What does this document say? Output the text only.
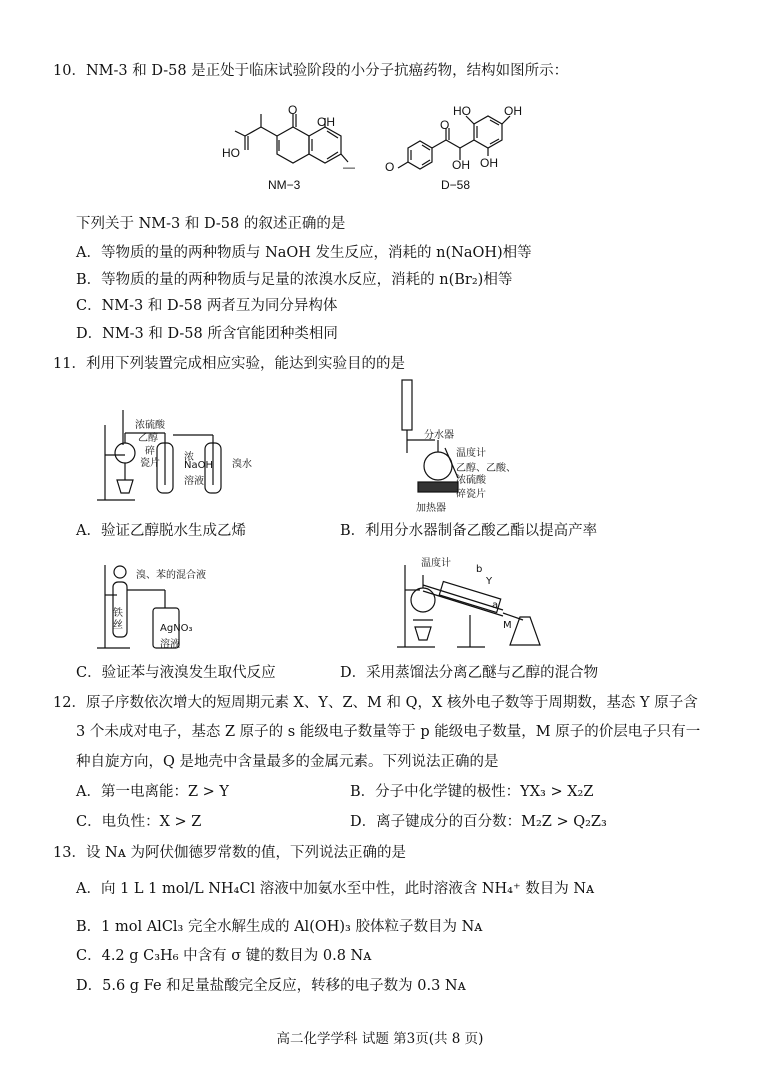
10．NM-3 和 D-58 是正处于临床试验阶段的小分子抗癌药物，结构如图所示：
O
OH
HO
—
NM−3
O
O
HO	OH
OH OH
D−58
下列关于 NM-3 和 D-58 的叙述正确的是
A．等物质的量的两种物质与 NaOH 发生反应，消耗的 n(NaOH)相等
B．等物质的量的两种物质与足量的浓溴水反应，消耗的 n(Br₂)相等
C．NM-3 和 D-58 两者互为同分异构体
D．NM-3 和 D-58 所含官能团种类相同
11．利用下列装置完成相应实验，能达到实验目的的是
浓硫酸
乙醇
碎
瓷片
浓
NaOH
溶液
溴水
分水器
温度计
乙醇、乙酸、
浓硫酸
碎瓷片
加热器
A．验证乙醇脱水生成乙烯	B．利用分水器制备乙酸乙酯以提高产率
溴、苯的混合液
铁
丝	AgNO₃
溶液
温度计
b
Y
a
M
C．验证苯与液溴发生取代反应	D．采用蒸馏法分离乙醚与乙醇的混合物
12．原子序数依次增大的短周期元素 X、Y、Z、M 和 Q，X 核外电子数等于周期数，基态 Y 原子含
3 个未成对电子，基态 Z 原子的 s 能级电子数量等于 p 能级电子数量，M 原子的价层电子只有一
种自旋方向，Q 是地壳中含量最多的金属元素。下列说法正确的是
A．第一电离能：Z > Y	B．分子中化学键的极性：YX₃ > X₂Z
C．电负性：X > Z	D．离子键成分的百分数：M₂Z > Q₂Z₃
13．设 Nᴀ 为阿伏伽德罗常数的值，下列说法正确的是
A．向 1 L 1 mol/L NH₄Cl 溶液中加氨水至中性，此时溶液含 NH₄⁺ 数目为 Nᴀ
B．1 mol AlCl₃ 完全水解生成的 Al(OH)₃ 胶体粒子数目为 Nᴀ
C．4.2 g C₃H₆ 中含有 σ 键的数目为 0.8 Nᴀ
D．5.6 g Fe 和足量盐酸完全反应，转移的电子数为 0.3 Nᴀ
高二化学学科 试题 第3页(共 8 页)
